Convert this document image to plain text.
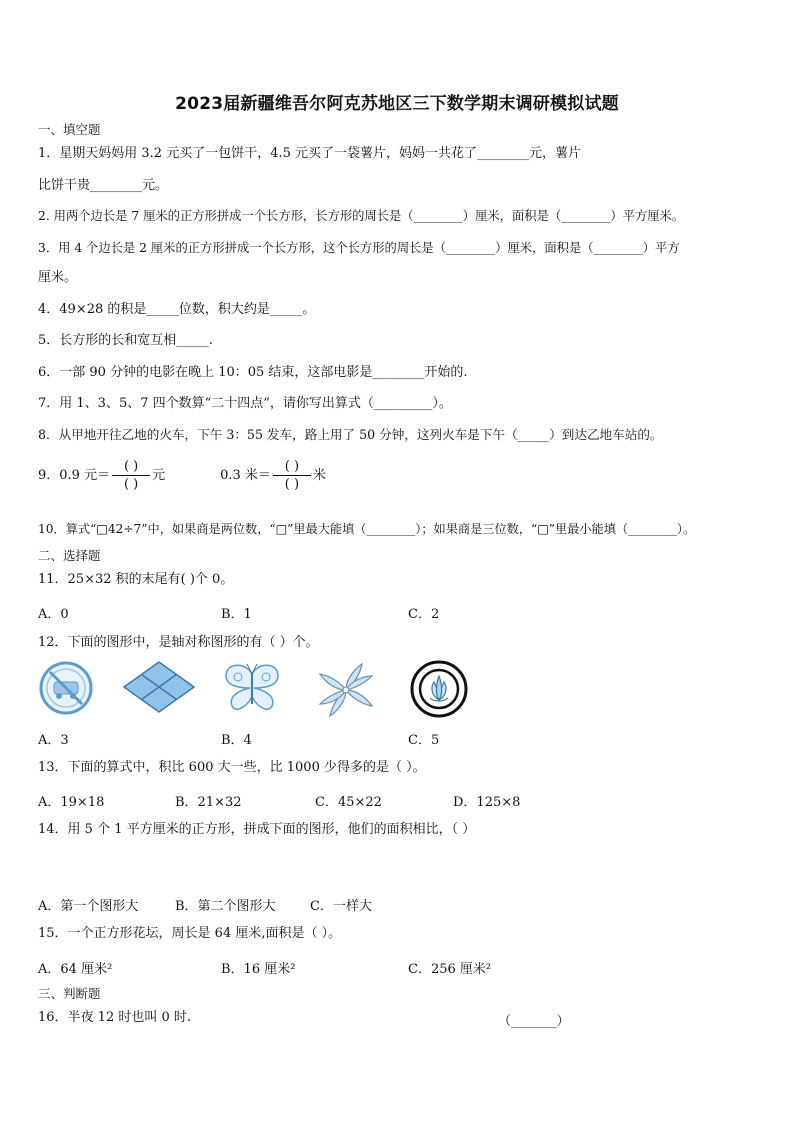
2023届新疆维吾尔阿克苏地区三下数学期末调研模拟试题
一、填空题
1．星期天妈妈用 3.2 元买了一包饼干，4.5 元买了一袋薯片，妈妈一共花了________元，薯片
比饼干贵________元。
2. 用两个边长是 7 厘米的正方形拼成一个长方形，长方形的周长是（________）厘米，面积是（________）平方厘米。
3．用 4 个边长是 2 厘米的正方形拼成一个长方形，这个长方形的周长是（________）厘米，面积是（________）平方
厘米。
4．49×28 的积是_____位数，积大约是_____。
5．长方形的长和宽互相_____.
6．一部 90 分钟的电影在晚上 10：05 结束，这部电影是________开始的.
7．用 1、3、5、7 四个数算“二十四点”，请你写出算式（_________）。
8．从甲地开往乙地的火车，下午 3：55 发车，路上用了 50 分钟，这列火车是下午（_____）到达乙地车站的。
9．0.9 元＝ $\frac{( )}{( )}$ 元	0.3 米＝ $\frac{( )}{( )}$ 米
10．算式“□42÷7”中，如果商是两位数，“□”里最大能填（________）；如果商是三位数，“□”里最小能填（________）。
二、选择题
11．25×32 积的末尾有( )个 0。
A．0	B．1	C．2
12．下面的图形中，是轴对称图形的有（ ）个。
A．3	B．4	C．5
13．下面的算式中，积比 600 大一些，比 1000 少得多的是（ ）。
A．19×18	B．21×32	C．45×22	D．125×8
14．用 5 个 1 平方厘米的正方形，拼成下面的图形，他们的面积相比，（ ）
A．第一个图形大	B．第二个图形大	C．一样大
15．一个正方形花坛，周长是 64 厘米,面积是（ ）。
A．64 厘米²	B．16 厘米²	C．256 厘米²
三、判断题
16．半夜 12 时也叫 0 时.	（_______）
